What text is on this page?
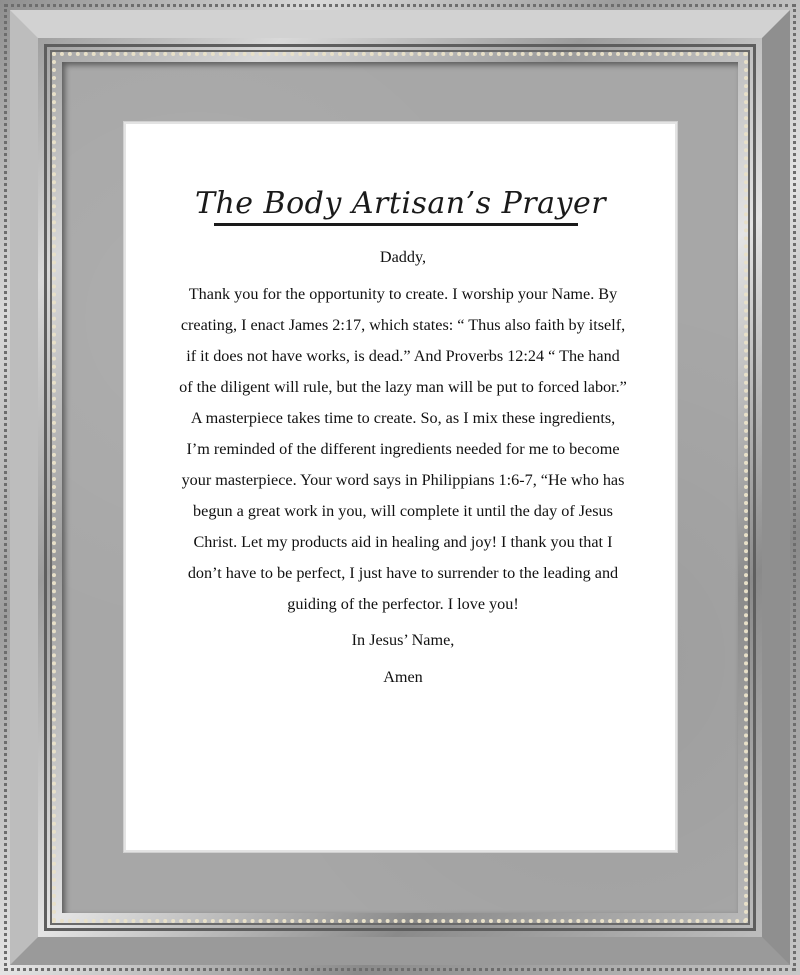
The Body Artisan’s Prayer

Daddy,

Thank you for the opportunity to create. I worship your Name. By creating, I enact James 2:17, which states: “ Thus also faith by itself, if it does not have works, is dead.” And Proverbs 12:24 “ The hand of the diligent will rule, but the lazy man will be put to forced labor.” A masterpiece takes time to create. So, as I mix these ingredients, I’m reminded of the different ingredients needed for me to become your masterpiece. Your word says in Philippians 1:6-7, “He who has begun a great work in you, will complete it until the day of Jesus Christ. Let my products aid in healing and joy! I thank you that I don’t have to be perfect, I just have to surrender to the leading and guiding of the perfector. I love you!

In Jesus’ Name,

Amen
